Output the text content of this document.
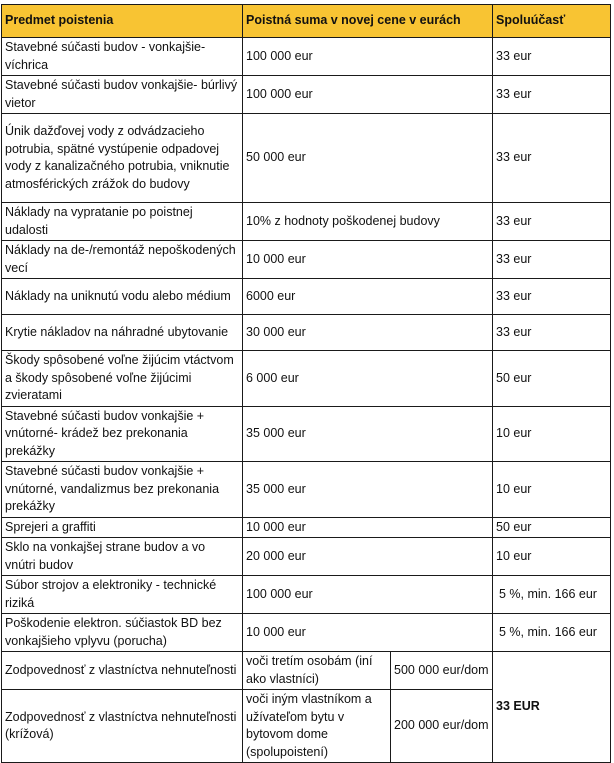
Predmet poistenia	Poistná suma v novej cene v eurách		Spoluúčasť
Stavebné súčasti budov - vonkajšie- víchrica	100 000 eur		33 eur
Stavebné súčasti budov vonkajšie- búrlivý vietor	100 000 eur		33 eur
Únik dažďovej vody z odvádzacieho potrubia, spätné vystúpenie odpadovej vody z kanalizačného potrubia, vniknutie atmosférických zrážok do budovy	50 000 eur		33 eur
Náklady na vypratanie po poistnej udalosti	10% z hodnoty poškodenej budovy		33 eur
Náklady na de-/remontáž nepoškodených vecí	10 000 eur		33 eur
Náklady na uniknutú vodu alebo médium	6000 eur		33 eur
Krytie nákladov na náhradné ubytovanie	30 000 eur		33 eur
Škody spôsobené voľne žijúcim vtáctvom a škody spôsobené voľne žijúcimi zvieratami	6 000 eur		50 eur
Stavebné súčasti budov vonkajšie + vnútorné- krádež bez prekonania prekážky	35 000 eur		10 eur
Stavebné súčasti budov vonkajšie + vnútorné, vandalizmus bez prekonania prekážky	35 000 eur		10 eur
Sprejeri a graffiti	10 000 eur		50 eur
Sklo na vonkajšej strane budov a vo vnútri budov	20 000 eur		10 eur
Súbor strojov a elektroniky - technické riziká	100 000 eur		5 %, min. 166 eur
Poškodenie elektron. súčiastok BD bez vonkajšieho vplyvu (porucha)	10 000 eur		5 %, min. 166 eur
Zodpovednosť z vlastníctva nehnuteľnosti	voči tretím osobám (iní ako vlastníci)	500 000 eur/dom	33 EUR
Zodpovednosť z vlastníctva nehnuteľnosti (krížová)	voči iným vlastníkom a užívateľom bytu v bytovom dome (spolupoistení)	200 000 eur/dom	
